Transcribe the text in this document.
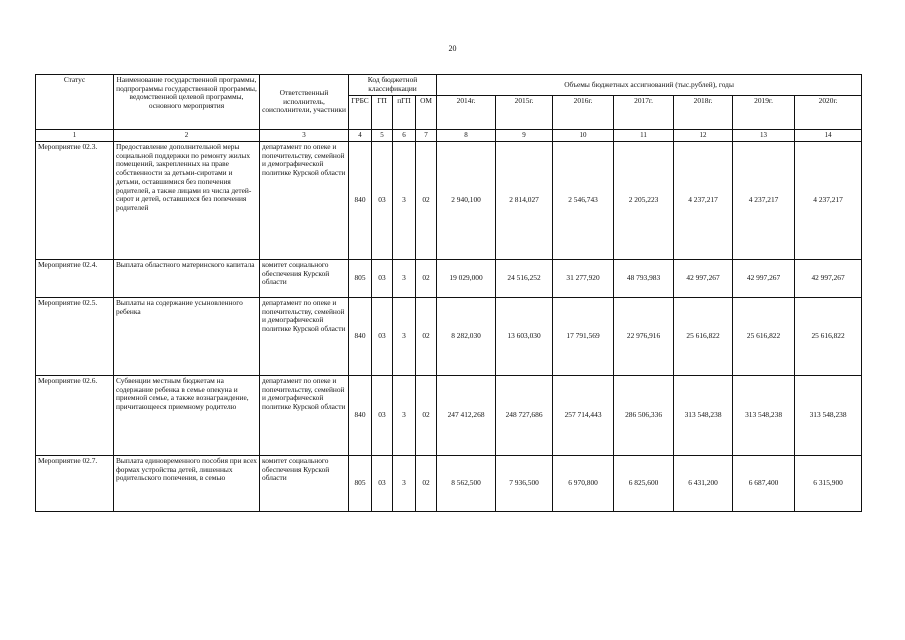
20
Статус	Наименование государственной программы, подпрограммы государственной программы, ведомственной целевой программы, основного мероприятия	Ответственный исполнитель, соисполнители, участники	Код бюджетной классификации				Объемы бюджетных ассигнований (тыс.рублей), годы						
			ГРБС	ГП	пГП	ОМ	2014г.	2015г.	2016г.	2017г.	2018г.	2019г.	2020г.
1	2	3	4	5	6	7	8	9	10	11	12	13	14
Мероприятие 02.3.	Предоставление дополнительной меры социальной поддержки по ремонту жилых помещений, закрепленных на праве собственности за детьми-сиротами и детьми, оставшимися без попечения родителей, а также лицами из числа детей-сирот и детей, оставшихся без попечения родителей	департамент по опеке и попечительству, семейной и демографической политике Курской области	840	03	3	02	2 940,100	2 814,027	2 546,743	2 205,223	4 237,217	4 237,217	4 237,217
Мероприятие 02.4.	Выплата областного материнского капитала	комитет социального обеспечения Курской области	805	03	3	02	19 029,000	24 516,252	31 277,920	48 793,983	42 997,267	42 997,267	42 997,267
Мероприятие 02.5.	Выплаты на содержание усыновленного ребенка	департамент по опеке и попечительству, семейной и демографической политике Курской области	840	03	3	02	8 282,030	13 603,030	17 791,569	22 976,916	25 616,822	25 616,822	25 616,822
Мероприятие 02.6.	Субвенции местным бюджетам на содержание ребенка в семье опекуна и приемной семье, а также вознаграждение, причитающееся приемному родителю	департамент по опеке и попечительству, семейной и демографической политике Курской области	840	03	3	02	247 412,268	248 727,686	257 714,443	286 506,336	313 548,238	313 548,238	313 548,238
Мероприятие 02.7.	Выплата единовременного пособия при всех формах устройства детей, лишенных родительского попечения, в семью	комитет социального обеспечения Курской области	805	03	3	02	8 562,500	7 936,500	6 970,800	6 825,600	6 431,200	6 687,400	6 315,900
